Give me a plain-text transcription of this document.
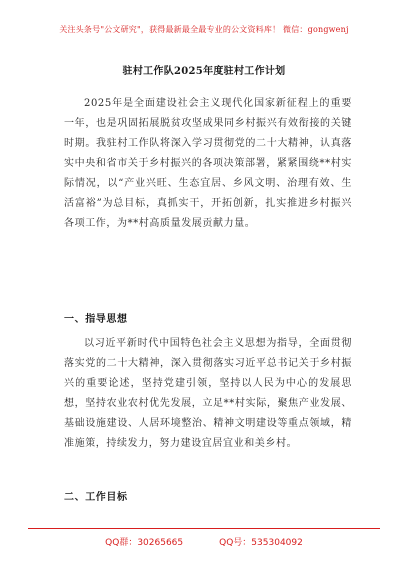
关注头条号"公文研究"，获得最新最全最专业的公文资料库！ 微信：gongwenj
驻村工作队2025年度驻村工作计划

2025年是全面建设社会主义现代化国家新征程上的重要一年，也是巩固拓展脱贫攻坚成果同乡村振兴有效衔接的关键时期。我驻村工作队将深入学习贯彻党的二十大精神，认真落实中央和省市关于乡村振兴的各项决策部署，紧紧围绕**村实际情况，以“产业兴旺、生态宜居、乡风文明、治理有效、生活富裕”为总目标，真抓实干，开拓创新，扎实推进乡村振兴各项工作，为**村高质量发展贡献力量。

一、指导思想

以习近平新时代中国特色社会主义思想为指导，全面贯彻落实党的二十大精神，深入贯彻落实习近平总书记关于乡村振兴的重要论述，坚持党建引领，坚持以人民为中心的发展思想，坚持农业农村优先发展，立足**村实际，聚焦产业发展、基础设施建设、人居环境整治、精神文明建设等重点领域，精准施策，持续发力，努力建设宜居宜业和美乡村。

二、工作目标
QQ群：30265665	QQ号：535304092
